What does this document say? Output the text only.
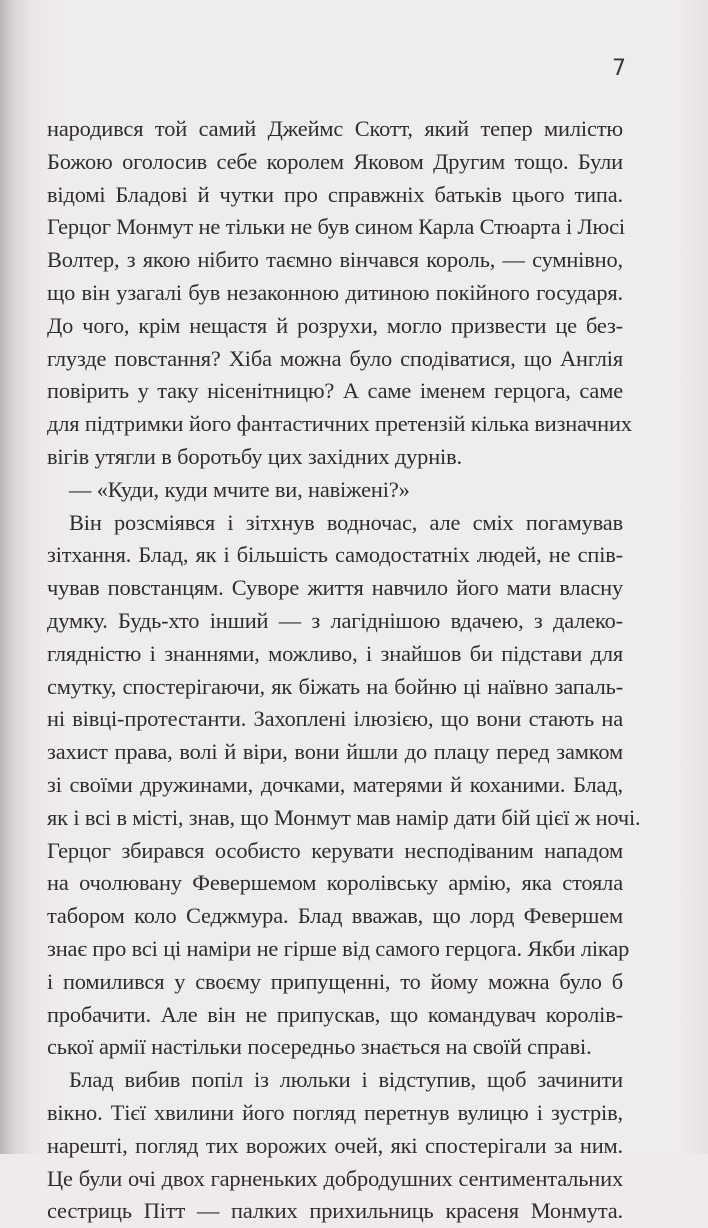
7
народився той самий Джеймс Скотт, який тепер милістю
Божою оголосив себе королем Яковом Другим тощо. Були
відомі Бладові й чутки про справжніх батьків цього типа.
Герцог Монмут не тільки не був сином Карла Стюарта і Люсі
Волтер, з якою нібито таємно вінчався король, — сумнівно,
що він узагалі був незаконною дитиною покійного государя.
До чого, крім нещастя й розрухи, могло призвести це без-
глузде повстання? Хіба можна було сподіватися, що Англія
повірить у таку нісенітницю? А саме іменем герцога, саме
для підтримки його фантастичних претензій кілька визначних
вігів утягли в боротьбу цих західних дурнів.
— «Куди, куди мчите ви, навіжені?»
Він розсміявся і зітхнув водночас, але сміх погамував
зітхання. Блад, як і більшість самодостатніх людей, не спів-
чував повстанцям. Суворе життя навчило його мати власну
думку. Будь-хто інший — з лагіднішою вдачею, з далеко-
глядністю і знаннями, можливо, і знайшов би підстави для
смутку, спостерігаючи, як біжать на бойню ці наївно запаль-
ні вівці-протестанти. Захоплені ілюзією, що вони стають на
захист права, волі й віри, вони йшли до плацу перед замком
зі своїми дружинами, дочками, матерями й коханими. Блад,
як і всі в місті, знав, що Монмут мав намір дати бій цієї ж ночі.
Герцог збирався особисто керувати несподіваним нападом
на очолювану Февершемом королівську армію, яка стояла
табором коло Седжмура. Блад вважав, що лорд Февершем
знає про всі ці наміри не гірше від самого герцога. Якби лікар
і помилився у своєму припущенні, то йому можна було б
пробачити. Але він не припускав, що командувач королів-
ської армії настільки посередньо знається на своїй справі.
Блад вибив попіл із люльки і відступив, щоб зачинити
вікно. Тієї хвилини його погляд перетнув вулицю і зустрів,
нарешті, погляд тих ворожих очей, які спостерігали за ним.
Це були очі двох гарненьких добродушних сентиментальних
сестриць Пітт — палких прихильниць красеня Монмута.
